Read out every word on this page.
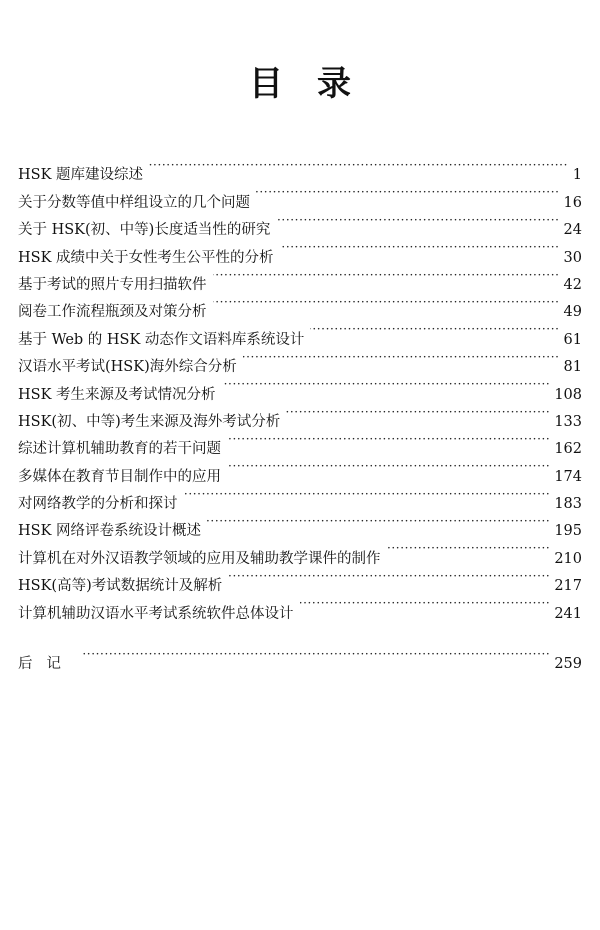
目录
HSK 题库建设综述 ·····	1
关于分数等值中样组设立的几个问题 ·····	16
关于 HSK(初、中等)长度适当性的研究 ·····	24
HSK 成绩中关于女性考生公平性的分析 ·····	30
基于考试的照片专用扫描软件 ·····	42
阅卷工作流程瓶颈及对策分析 ·····	49
基于 Web 的 HSK 动态作文语料库系统设计 ·····	61
汉语水平考试(HSK)海外综合分析 ·····	81
HSK 考生来源及考试情况分析 ·····	108
HSK(初、中等)考生来源及海外考试分析 ·····	133
综述计算机辅助教育的若干问题 ·····	162
多媒体在教育节目制作中的应用 ·····	174
对网络教学的分析和探讨 ·····	183
HSK 网络评卷系统设计概述 ·····	195
计算机在对外汉语教学领域的应用及辅助教学课件的制作 ·····	210
HSK(高等)考试数据统计及解析 ·····	217
计算机辅助汉语水平考试系统软件总体设计 ·····	241
后记 ·····	259
